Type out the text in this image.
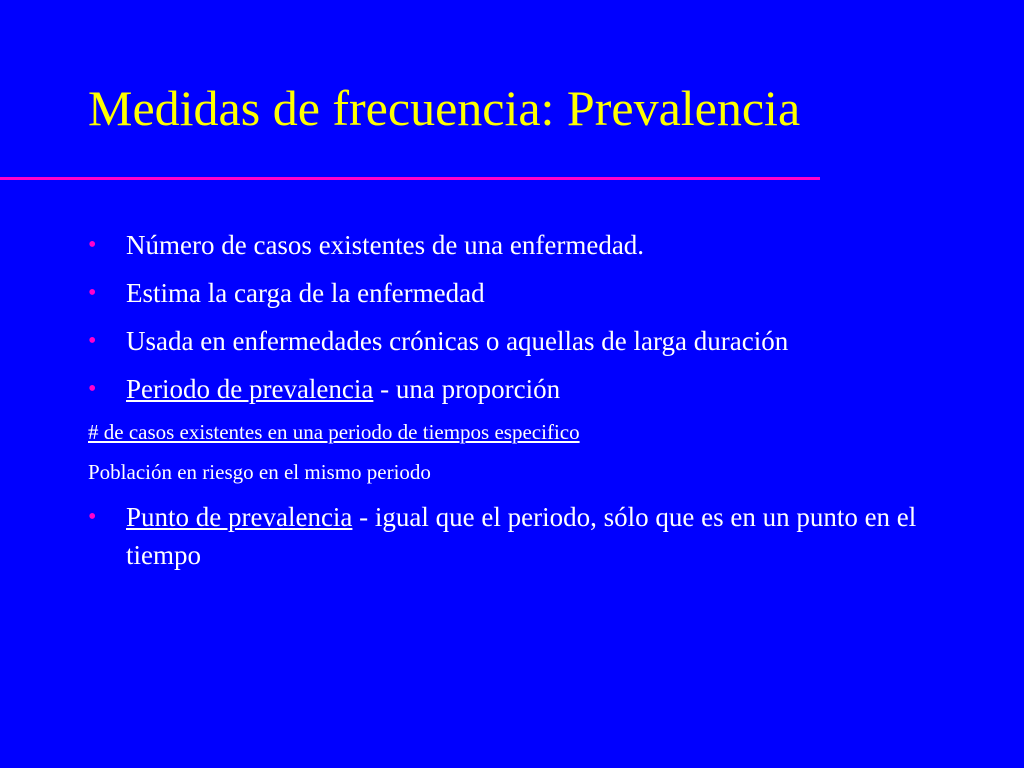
Medidas de frecuencia: Prevalencia
• Número de casos existentes de una enfermedad.
• Estima la carga de la enfermedad
• Usada en enfermedades crónicas o aquellas de larga duración
• Periodo de prevalencia - una proporción
# de casos existentes en una periodo de tiempos especifico
Población en riesgo en el mismo periodo
• Punto de prevalencia - igual que el periodo, sólo que es en un punto en el tiempo
